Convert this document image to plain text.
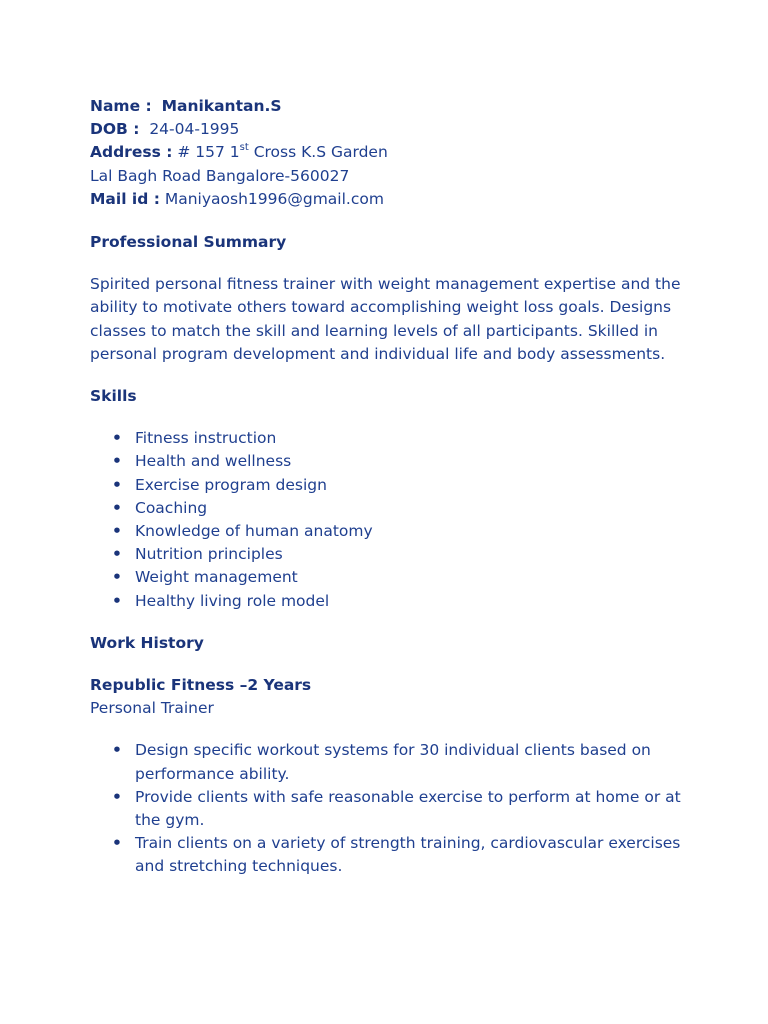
Name : Manikantan.S
DOB : 24-04-1995
Address : # 157 1st Cross K.S Garden
Lal Bagh Road Bangalore-560027
Mail id : Maniyaosh1996@gmail.com
Professional Summary
Spirited personal fitness trainer with weight management expertise and the
ability to motivate others toward accomplishing weight loss goals. Designs
classes to match the skill and learning levels of all participants. Skilled in
personal program development and individual life and body assessments.
Skills
• Fitness instruction
• Health and wellness
• Exercise program design
• Coaching
• Knowledge of human anatomy
• Nutrition principles
• Weight management
• Healthy living role model
Work History
Republic Fitness –2 Years
Personal Trainer
• Design specific workout systems for 30 individual clients based on
performance ability.
• Provide clients with safe reasonable exercise to perform at home or at
the gym.
• Train clients on a variety of strength training, cardiovascular exercises
and stretching techniques.
